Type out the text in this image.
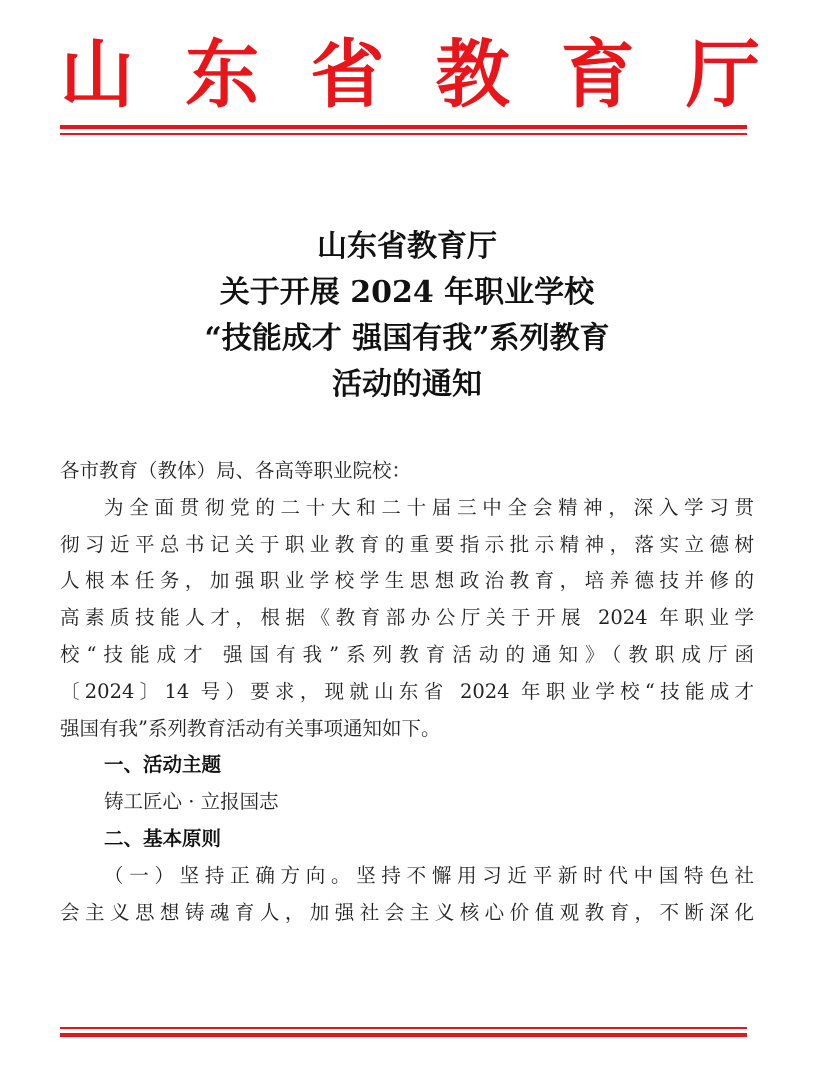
山 东 省 教 育 厅
山东省教育厅
关于开展 2024 年职业学校
“技能成才 强国有我”系列教育
活动的通知
各市教育（教体）局、各高等职业院校：
为全面贯彻党的二十大和二十届三中全会精神，深入学习贯
彻习近平总书记关于职业教育的重要指示批示精神，落实立德树
人根本任务，加强职业学校学生思想政治教育，培养德技并修的
高素质技能人才，根据《教育部办公厅关于开展 2024 年职业学
校“技能成才 强国有我”系列教育活动的通知》（教职成厅函
〔2024〕14 号）要求，现就山东省 2024 年职业学校“技能成才
强国有我”系列教育活动有关事项通知如下。
一、活动主题
铸工匠心 · 立报国志
二、基本原则
（一）坚持正确方向。坚持不懈用习近平新时代中国特色社
会主义思想铸魂育人，加强社会主义核心价值观教育，不断深化
